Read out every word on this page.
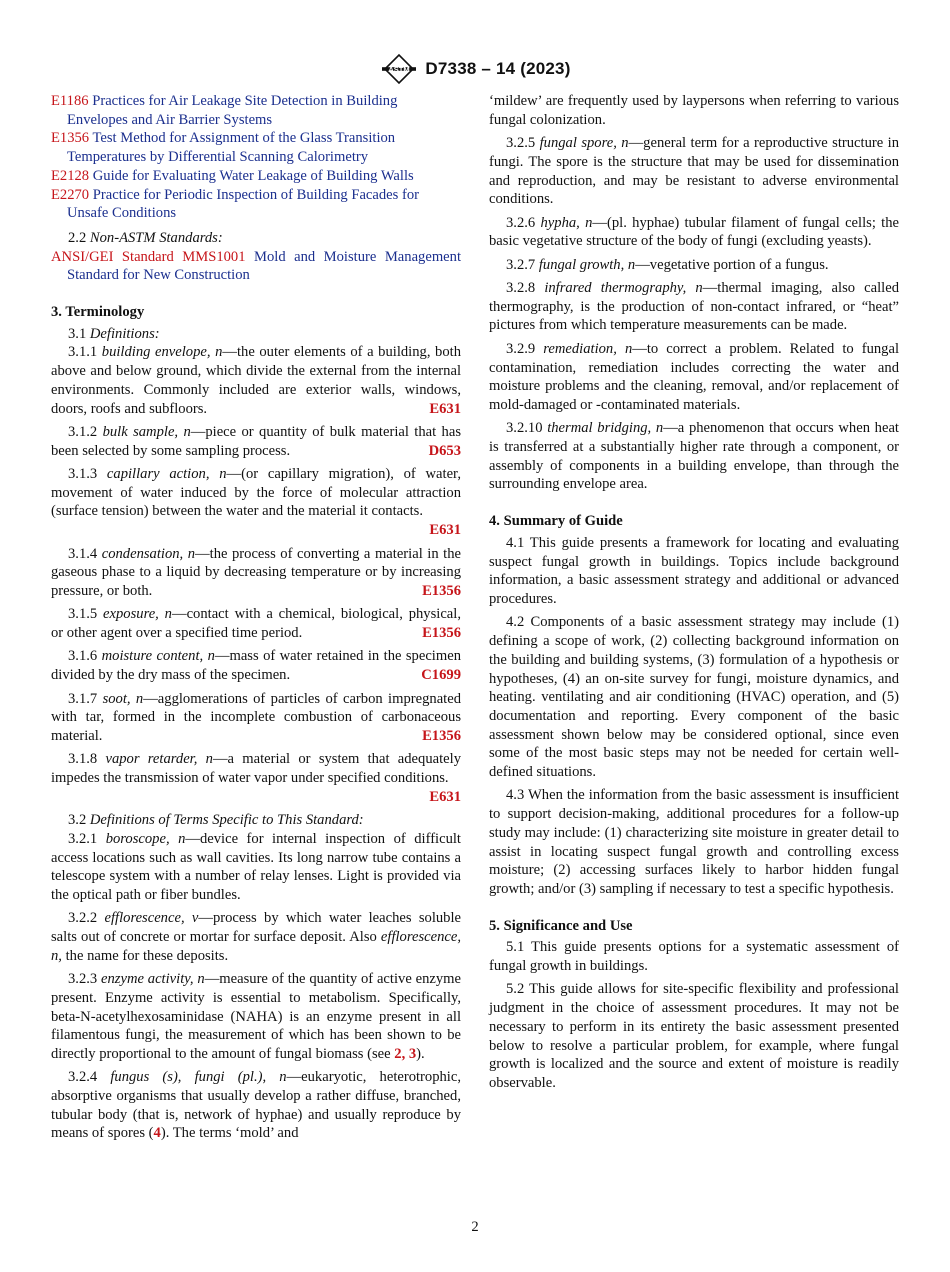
ASTM D7338 – 14 (2023)

E1186 Practices for Air Leakage Site Detection in Building Envelopes and Air Barrier Systems

E1356 Test Method for Assignment of the Glass Transition Temperatures by Differential Scanning Calorimetry

E2128 Guide for Evaluating Water Leakage of Building Walls

E2270 Practice for Periodic Inspection of Building Facades for Unsafe Conditions

2.2 Non-ASTM Standards:

ANSI/GEI Standard MMS1001 Mold and Moisture Management Standard for New Construction

3. Terminology

3.1 Definitions:

3.1.1 building envelope, n—the outer elements of a building, both above and below ground, which divide the external from the internal environments. Commonly included are exterior walls, windows, doors, roofs and subfloors.	E631

3.1.2 bulk sample, n—piece or quantity of bulk material that has been selected by some sampling process.	D653

3.1.3 capillary action, n—(or capillary migration), of water, movement of water induced by the force of molecular attraction (surface tension) between the water and the material it contacts.
E631

3.1.4 condensation, n—the process of converting a material in the gaseous phase to a liquid by decreasing temperature or by increasing pressure, or both.	E1356

3.1.5 exposure, n—contact with a chemical, biological, physical, or other agent over a specified time period.	E1356

3.1.6 moisture content, n—mass of water retained in the specimen divided by the dry mass of the specimen.	C1699

3.1.7 soot, n—agglomerations of particles of carbon impregnated with tar, formed in the incomplete combustion of carbonaceous material.	E1356

3.1.8 vapor retarder, n—a material or system that adequately impedes the transmission of water vapor under specified conditions.
E631

3.2 Definitions of Terms Specific to This Standard:

3.2.1 boroscope, n—device for internal inspection of difficult access locations such as wall cavities. Its long narrow tube contains a telescope system with a number of relay lenses. Light is provided via the optical path or fiber bundles.

3.2.2 efflorescence, v—process by which water leaches soluble salts out of concrete or mortar for surface deposit. Also efflorescence, n, the name for these deposits.

3.2.3 enzyme activity, n—measure of the quantity of active enzyme present. Enzyme activity is essential to metabolism. Specifically, beta-N-acetylhexosaminidase (NAHA) is an enzyme present in all filamentous fungi, the measurement of which has been shown to be directly proportional to the amount of fungal biomass (see 2, 3).

3.2.4 fungus (s), fungi (pl.), n—eukaryotic, heterotrophic, absorptive organisms that usually develop a rather diffuse, branched, tubular body (that is, network of hyphae) and usually reproduce by means of spores (4). The terms ‘mold’ and

‘mildew’ are frequently used by laypersons when referring to various fungal colonization.

3.2.5 fungal spore, n—general term for a reproductive structure in fungi. The spore is the structure that may be used for dissemination and reproduction, and may be resistant to adverse environmental conditions.

3.2.6 hypha, n—(pl. hyphae) tubular filament of fungal cells; the basic vegetative structure of the body of fungi (excluding yeasts).

3.2.7 fungal growth, n—vegetative portion of a fungus.

3.2.8 infrared thermography, n—thermal imaging, also called thermography, is the production of non-contact infrared, or “heat” pictures from which temperature measurements can be made.

3.2.9 remediation, n—to correct a problem. Related to fungal contamination, remediation includes correcting the water and moisture problems and the cleaning, removal, and/or replacement of mold-damaged or -contaminated materials.

3.2.10 thermal bridging, n—a phenomenon that occurs when heat is transferred at a substantially higher rate through a component, or assembly of components in a building envelope, than through the surrounding envelope area.

4. Summary of Guide

4.1 This guide presents a framework for locating and evaluating suspect fungal growth in buildings. Topics include background information, a basic assessment strategy and additional or advanced procedures.

4.2 Components of a basic assessment strategy may include (1) defining a scope of work, (2) collecting background information on the building and building systems, (3) formulation of a hypothesis or hypotheses, (4) an on-site survey for fungi, moisture dynamics, and heating. ventilating and air conditioning (HVAC) operation, and (5) documentation and reporting. Every component of the basic assessment shown below may be considered optional, since even some of the most basic steps may not be needed for certain well-defined situations.

4.3 When the information from the basic assessment is insufficient to support decision-making, additional procedures for a follow-up study may include: (1) characterizing site moisture in greater detail to assist in locating suspect fungal growth and controlling excess moisture; (2) accessing surfaces likely to harbor hidden fungal growth; and/or (3) sampling if necessary to test a specific hypothesis.

5. Significance and Use

5.1 This guide presents options for a systematic assessment of fungal growth in buildings.

5.2 This guide allows for site-specific flexibility and professional judgment in the choice of assessment procedures. It may not be necessary to perform in its entirety the basic assessment presented below to resolve a particular problem, for example, where fungal growth is localized and the source and extent of moisture is readily observable.

2
